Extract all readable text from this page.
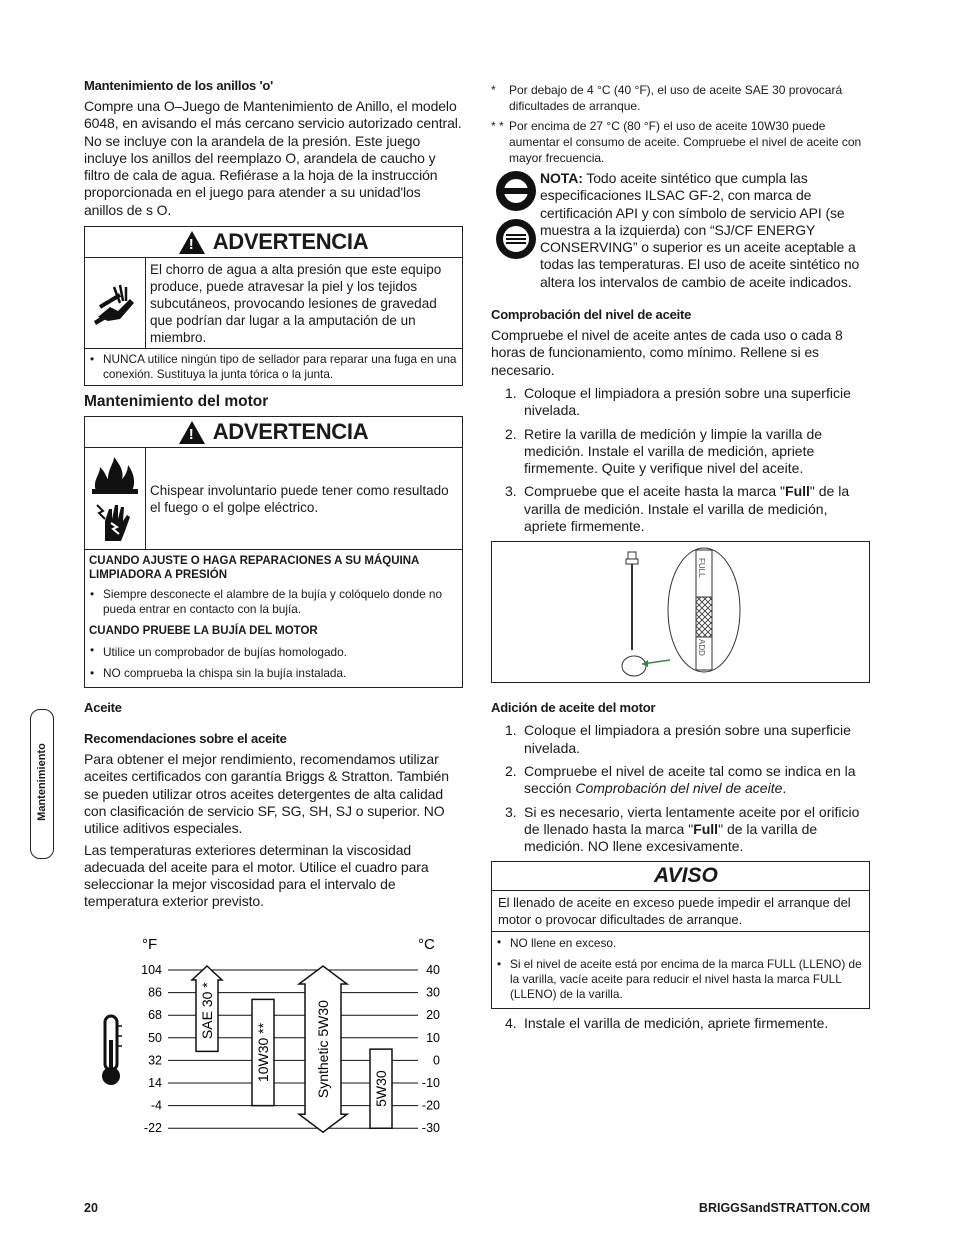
Mantenimiento
Mantenimiento de los anillos 'o'

Compre una O–Juego de Mantenimiento de Anillo, el modelo 6048, en avisando el más cercano servicio autorizado central. No se incluye con la arandela de la presión. Este juego incluye los anillos del reemplazo O, arandela de caucho y filtro de cala de agua. Refiérase a la hoja de la instrucción proporcionada en el juego para atender a su unidad'los anillos de s O.

! ADVERTENCIA
El chorro de agua a alta presión que este equipo produce, puede atravesar la piel y los tejidos subcutáneos, provocando lesiones de gravedad que podrían dar lugar a la amputación de un miembro.
• NUNCA utilice ningún tipo de sellador para reparar una fuga en una conexión. Sustituya la junta tórica o la junta.
Mantenimiento del motor
! ADVERTENCIA
Chispear involuntario puede tener como resultado el fuego o el golpe eléctrico.
CUANDO AJUSTE O HAGA REPARACIONES A SU MÁQUINA LIMPIADORA A PRESIÓN
• Siempre desconecte el alambre de la bujía y colóquelo donde no pueda entrar en contacto con la bujía.
CUANDO PRUEBE LA BUJÍA DEL MOTOR
• Utilice un comprobador de bujías homologado.
• NO comprueba la chispa sin la bujía instalada.
Aceite
Recomendaciones sobre el aceite

Para obtener el mejor rendimiento, recomendamos utilizar aceites certificados con garantía Briggs & Stratton. También se pueden utilizar otros aceites detergentes de alta calidad con clasificación de servicio SF, SG, SH, SJ o superior. NO utilice aditivos especiales.

Las temperaturas exteriores determinan la viscosidad adecuada del aceite para el motor. Utilice el cuadro para seleccionar la mejor viscosidad para el intervalo de temperatura exterior previsto.

°F	°C
104
86
68
50
32
14
-4
-22
40
30
20
10
0
-10
-20
-30
SAE 30 *
10W30 **	Synthetic 5W30	5W30
* Por debajo de 4 °C (40 °F), el uso de aceite SAE 30 provocará dificultades de arranque.
* * Por encima de 27 °C (80 °F) el uso de aceite 10W30 puede aumentar el consumo de aceite. Compruebe el nivel de aceite con mayor frecuencia.

NOTA: Todo aceite sintético que cumpla las especificaciones ILSAC GF-2, con marca de certificación API y con símbolo de servicio API (se muestra a la izquierda) con “SJ/CF ENERGY CONSERVING” o superior es un aceite aceptable a todas las temperaturas. El uso de aceite sintético no altera los intervalos de cambio de aceite indicados.

Comprobación del nivel de aceite

Compruebe el nivel de aceite antes de cada uso o cada 8 horas de funcionamiento, como mínimo. Rellene si es necesario.

1. Coloque el limpiadora a presión sobre una superficie nivelada.
2. Retire la varilla de medición y limpie la varilla de medición. Instale el varilla de medición, apriete firmemente. Quite y verifique nivel del aceite.
3. Compruebe que el aceite hasta la marca "Full" de la varilla de medición. Instale el varilla de medición, apriete firmemente.
FULL
ADD
Adición de aceite del motor
1. Coloque el limpiadora a presión sobre una superficie nivelada.
2. Compruebe el nivel de aceite tal como se indica en la sección Comprobación del nivel de aceite.
3. Si es necesario, vierta lentamente aceite por el orificio de llenado hasta la marca "Full" de la varilla de medición. NO llene excesivamente.
AVISO
El llenado de aceite en exceso puede impedir el arranque del motor o provocar dificultades de arranque.
• NO llene en exceso.
• Si el nivel de aceite está por encima de la marca FULL (LLENO) de la varilla, vacíe aceite para reducir el nivel hasta la marca FULL (LLENO) de la varilla.
4. Instale el varilla de medición, apriete firmemente.
20	BRIGGSandSTRATTON.COM
